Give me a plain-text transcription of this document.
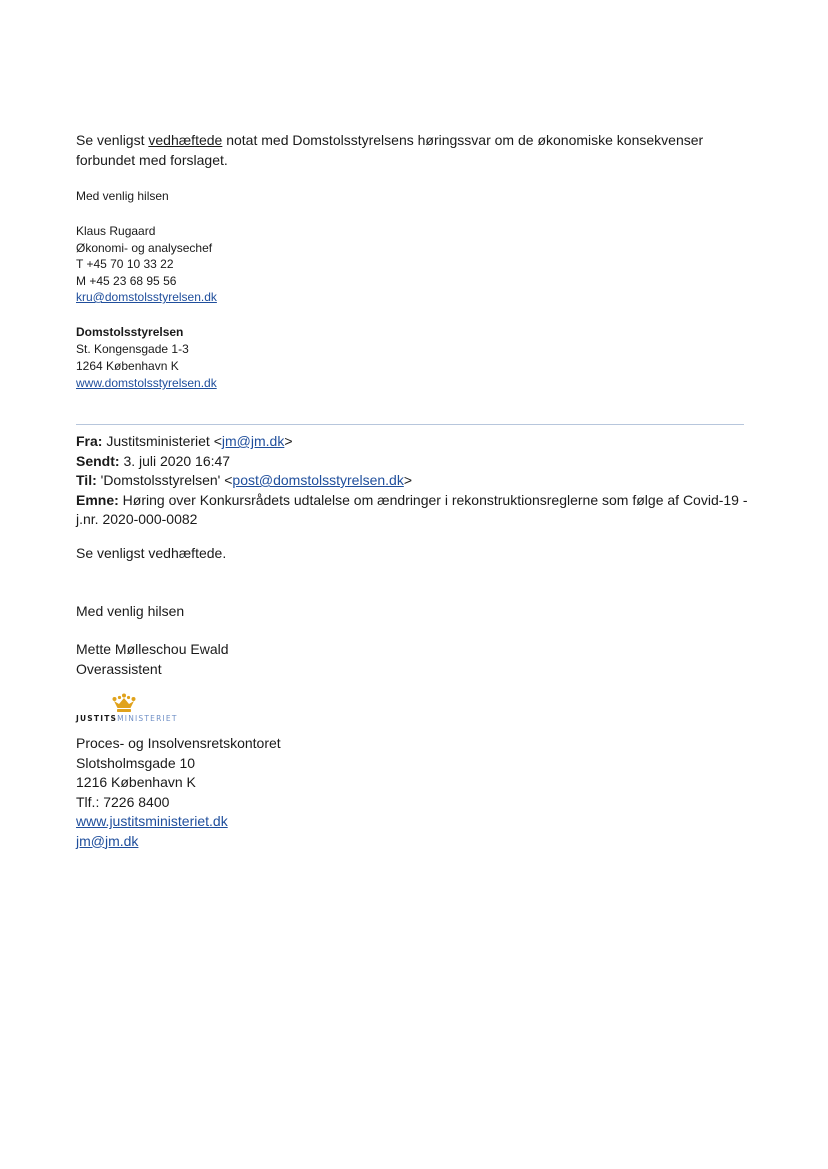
Se venligst vedhæftede notat med Domstolsstyrelsens høringssvar om de økonomiske konsekvenser forbundet med forslaget.
Med venlig hilsen
Klaus Rugaard
Økonomi- og analysechef
T +45 70 10 33 22
M +45 23 68 95 56
kru@domstolsstyrelsen.dk
Domstolsstyrelsen
St. Kongensgade 1-3
1264 København K
www.domstolsstyrelsen.dk
Fra: Justitsministeriet <jm@jm.dk>
Sendt: 3. juli 2020 16:47
Til: 'Domstolsstyrelsen' <post@domstolsstyrelsen.dk>
Emne: Høring over Konkursrådets udtalelse om ændringer i rekonstruktionsreglerne som følge af Covid-19 - j.nr. 2020-000-0082
Se venligst vedhæftede.
Med venlig hilsen
Mette Mølleschou Ewald
Overassistent
JUSTITSMINISTERIET
Proces- og Insolvensretskontoret
Slotsholmsgade 10
1216 København K
Tlf.: 7226 8400
www.justitsministeriet.dk
jm@jm.dk
